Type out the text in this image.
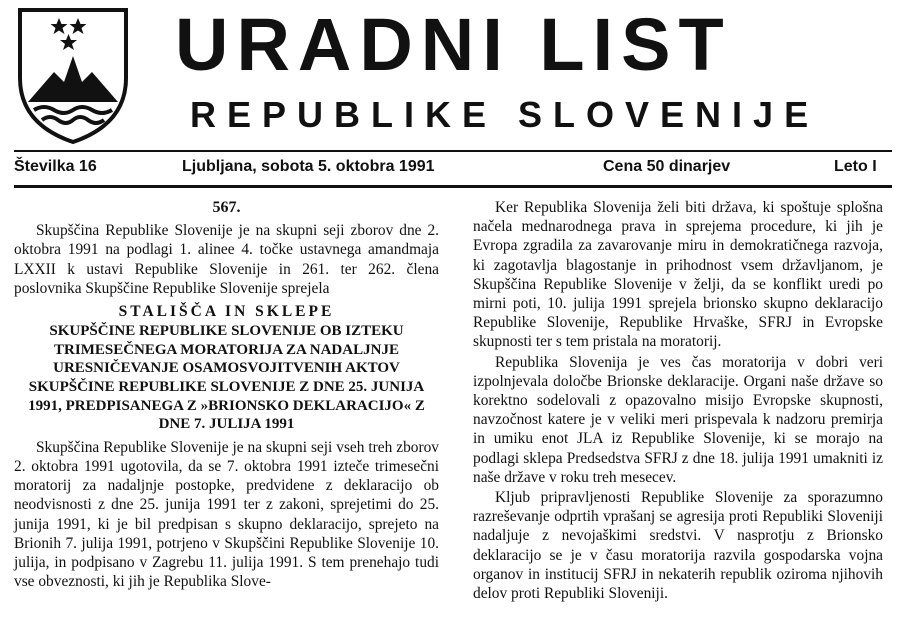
URADNI LIST
REPUBLIKE SLOVENIJE
Številka 16	Ljubljana, sobota 5. oktobra 1991	Cena 50 dinarjev	Leto I
567.

Skupščina Republike Slovenije je na skupni seji zborov dne 2. oktobra 1991 na podlagi 1. alinee 4. točke ustavnega amandmaja LXXII k ustavi Republike Slovenije in 261. ter 262. člena poslovnika Skupščine Republike Slovenije sprejela

STALIŠČA IN SKLEPE
SKUPŠČINE REPUBLIKE SLOVENIJE OB IZTEKU TRIMESEČNEGA MORATORIJA ZA NADALJNJE URESNIČEVANJE OSAMOSVOJITVENIH AKTOV SKUPŠČINE REPUBLIKE SLOVENIJE Z DNE 25. JUNIJA 1991, PREDPISANEGA Z »BRIONSKO DEKLARACIJO« Z DNE 7. JULIJA 1991

Skupščina Republike Slovenije je na skupni seji vseh treh zborov 2. oktobra 1991 ugotovila, da se 7. oktobra 1991 izteče trimesečni moratorij za nadaljnje postopke, predvidene z deklaracijo ob neodvisnosti z dne 25. junija 1991 ter z zakoni, sprejetimi do 25. junija 1991, ki je bil predpisan s skupno deklaracijo, sprejeto na Brionih 7. julija 1991, potrjeno v Skupščini Republike Slovenije 10. julija, in podpisano v Zagrebu 11. julija 1991. S tem prenehajo tudi vse obveznosti, ki jih je Republika Slove-

Ker Republika Slovenija želi biti država, ki spoštuje splošna načela mednarodnega prava in sprejema procedure, ki jih je Evropa zgradila za zavarovanje miru in demokratičnega razvoja, ki zagotavlja blagostanje in prihodnost vsem državljanom, je Skupščina Republike Slovenije v želji, da se konflikt uredi po mirni poti, 10. julija 1991 sprejela brionsko skupno deklaracijo Republike Slovenije, Republike Hrvaške, SFRJ in Evropske skupnosti ter s tem pristala na moratorij.

Republika Slovenija je ves čas moratorija v dobri veri izpolnjevala določbe Brionske deklaracije. Organi naše države so korektno sodelovali z opazovalno misijo Evropske skupnosti, navzočnost katere je v veliki meri prispevala k nadzoru premirja in umiku enot JLA iz Republike Slovenije, ki se morajo na podlagi sklepa Predsedstva SFRJ z dne 18. julija 1991 umakniti iz naše države v roku treh mesecev.

Kljub pripravljenosti Republike Slovenije za sporazumno razreševanje odprtih vprašanj se agresija proti Republiki Sloveniji nadaljuje z nevojaškimi sredstvi. V nasprotju z Brionsko deklaracijo se je v času moratorija razvila gospodarska vojna organov in institucij SFRJ in nekaterih republik oziroma njihovih delov proti Republiki Sloveniji.
